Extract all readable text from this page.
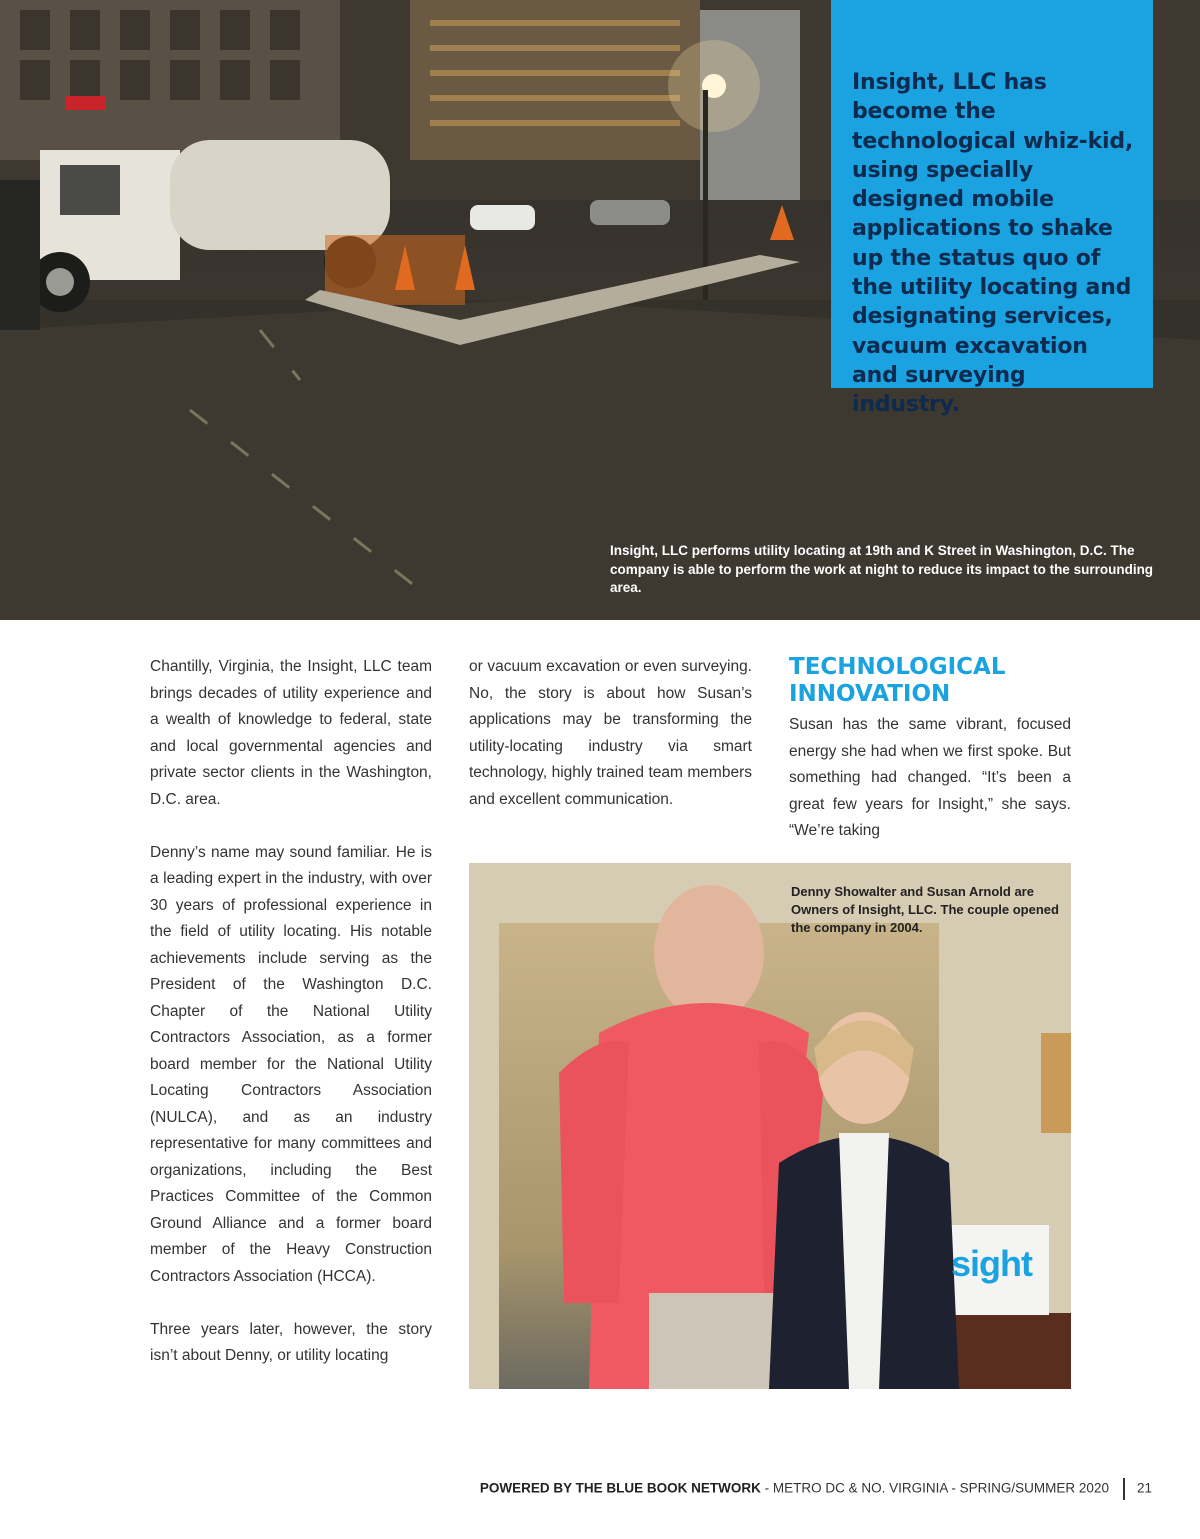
Insight, LLC has become the technological whiz-kid, using specially designed mobile applications to shake up the status quo of the utility locating and designating services, vacuum excavation and surveying industry.
Insight, LLC performs utility locating at 19th and K Street in Washington, D.C. The company is able to perform the work at night to reduce its impact to the surrounding area.

Chantilly, Virginia, the Insight, LLC team brings decades of utility experience and a wealth of knowledge to federal, state and local governmental agencies and private sector clients in the Washington, D.C. area.

Denny’s name may sound familiar. He is a leading expert in the industry, with over 30 years of professional experience in the field of utility locating. His notable achievements include serving as the President of the Washington D.C. Chapter of the National Utility Contractors Association, as a former board member for the National Utility Locating Contractors Association (NULCA), and as an industry representative for many committees and organizations, including the Best Practices Committee of the Common Ground Alliance and a former board member of the Heavy Construction Contractors Association (HCCA).

Three years later, however, the story isn’t about Denny, or utility locating

or vacuum excavation or even surveying. No, the story is about how Susan’s applications may be transforming the utility-locating industry via smart technology, highly trained team members and excellent communication.

TECHNOLOGICAL INNOVATION

Susan has the same vibrant, focused energy she had when we first spoke. But something had changed. “It’s been a great few years for Insight,” she says. “We’re taking

Denny Showalter and Susan Arnold are Owners of Insight, LLC. The couple opened the company in 2004.
sight
POWERED BY THE BLUE BOOK NETWORK - METRO DC & NO. VIRGINIA - SPRING/SUMMER 2020 21
